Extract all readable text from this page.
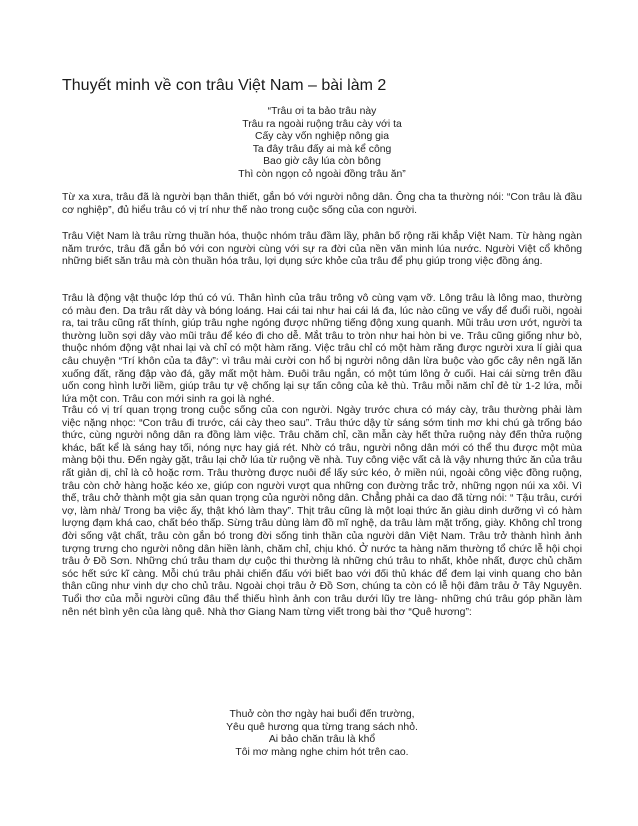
Thuyết minh về con trâu Việt Nam – bài làm 2
“Trâu ơi ta bảo trâu này
Trâu ra ngoài ruộng trâu cày với ta
Cấy cày vốn nghiệp nông gia
Ta đây trâu đấy ai mà kể công
Bao giờ cây lúa còn bông
Thì còn ngọn cỏ ngoài đồng trâu ăn”

Từ xa xưa, trâu đã là người bạn thân thiết, gắn bó với người nông dân. Ông cha ta thường nói: “Con trâu là đầu cơ nghiệp”, đủ hiểu trâu có vị trí như thế nào trong cuộc sống của con người.

Trâu Việt Nam là trâu rừng thuần hóa, thuộc nhóm trâu đầm lầy, phân bố rộng rãi khắp Việt Nam. Từ hàng ngàn năm trước, trâu đã gắn bó với con người cùng với sự ra đời của nền văn minh lúa nước. Người Việt cổ không những biết săn trâu mà còn thuần hóa trâu, lợi dụng sức khỏe của trâu để phụ giúp trong việc đồng áng.

Trâu là động vật thuộc lớp thú có vú. Thân hình của trâu trông vô cùng vạm vỡ. Lông trâu là lông mao, thường có màu đen. Da trâu rất dày và bóng loáng. Hai cái tai như hai cái lá đa, lúc nào cũng ve vẩy để đuổi ruồi, ngoài ra, tai trâu cũng rất thính, giúp trâu nghe ngóng được những tiếng động xung quanh. Mũi trâu ươn ướt, người ta thường luồn sợi dây vào mũi trâu để kéo đi cho dễ. Mắt trâu to tròn như hai hòn bi ve. Trâu cũng giống như bò, thuộc nhóm động vật nhai lại và chỉ có một hàm răng. Việc trâu chỉ có một hàm răng được người xưa lí giải qua câu chuyện “Trí khôn của ta đây”: vì trâu mải cười con hổ bị người nông dân lừa buộc vào gốc cây nên ngã lăn xuống đất, răng đập vào đá, gãy mất một hàm. Đuôi trâu ngắn, có một túm lông ở cuối. Hai cái sừng trên đầu uốn cong hình lưỡi liềm, giúp trâu tự vệ chống lại sự tấn công của kẻ thù. Trâu mỗi năm chỉ đẻ từ 1-2 lứa, mỗi lứa một con. Trâu con mới sinh ra gọi là nghé.

Trâu có vị trí quan trọng trong cuộc sống của con người. Ngày trước chưa có máy cày, trâu thường phải làm việc nặng nhọc: “Con trâu đi trước, cái cày theo sau”. Trâu thức dậy từ sáng sớm tinh mơ khi chú gà trống báo thức, cùng người nông dân ra đồng làm việc. Trâu chăm chỉ, cần mẫn cày hết thửa ruộng này đến thửa ruộng khác, bất kể là sáng hay tối, nóng nực hay giá rét. Nhờ có trâu, người nông dân mới có thể thu được một mùa màng bội thu. Đến ngày gặt, trâu lại chở lúa từ ruộng về nhà. Tuy công việc vất cả là vậy nhưng thức ăn của trâu rất giản dị, chỉ là cỏ hoặc rơm. Trâu thường được nuôi để lấy sức kéo, ở miền núi, ngoài công việc đồng ruộng, trâu còn chở hàng hoặc kéo xe, giúp con người vượt qua những con đường trắc trở, những ngọn núi xa xôi. Vì thế, trâu chở thành một gia sản quan trọng của người nông dân. Chẳng phải ca dao đã từng nói: “ Tậu trâu, cưới vợ, làm nhà/ Trong ba việc ấy, thật khó làm thay”. Thịt trâu cũng là một loại thức ăn giàu dinh dưỡng vì có hàm lượng đạm khá cao, chất béo thấp. Sừng trâu dùng làm đồ mĩ nghệ, da trâu làm mặt trống, giày. Không chỉ trong đời sống vật chất, trâu còn gắn bó trong đời sống tinh thần của người dân Việt Nam. Trâu trở thành hình ảnh tượng trưng cho người nông dân hiền lành, chăm chỉ, chịu khó. Ở nước ta hàng năm thường tổ chức lễ hội chọi trâu ở Đồ Sơn. Những chú trâu tham dự cuộc thi thường là những chú trâu to nhất, khỏe nhất, được chủ chăm sóc hết sức kĩ càng. Mỗi chú trâu phải chiến đấu với biết bao với đối thủ khác để đem lại vinh quang cho bản thân cũng như vinh dự cho chủ trâu. Ngoài chọi trâu ở Đồ Sơn, chúng ta còn có lễ hội đâm trâu ở Tây Nguyên. Tuổi thơ của mỗi người cũng đâu thể thiếu hình ảnh con trâu dưới lũy tre làng- những chú trâu góp phần làm nên nét bình yên của làng quê. Nhà thơ Giang Nam từng viết trong bài thơ “Quê hương”:

Thuở còn thơ ngày hai buổi đến trường,
Yêu quê hương qua từng trang sách nhỏ.
Ai bảo chăn trâu là khổ
Tôi mơ màng nghe chim hót trên cao.
